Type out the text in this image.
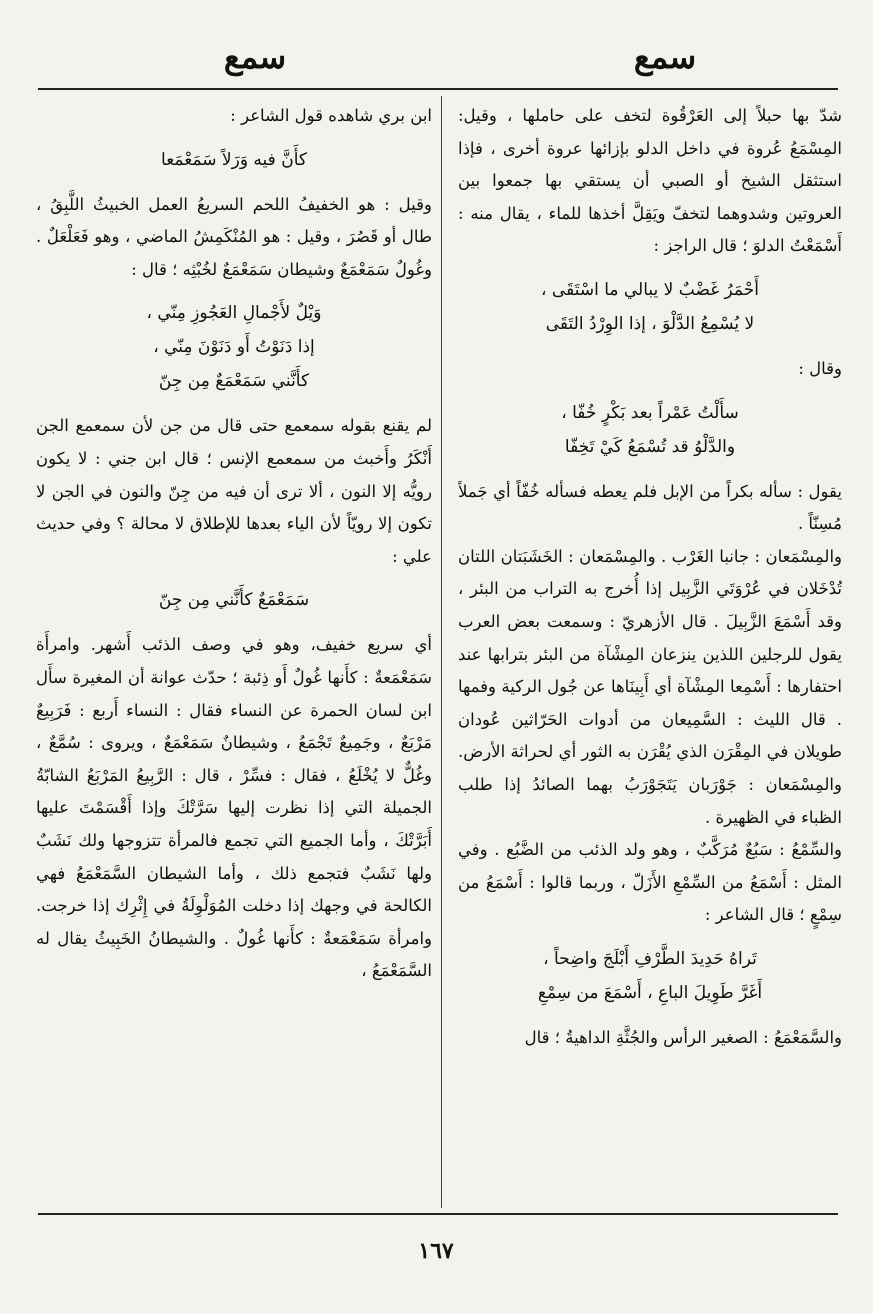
سمع
سمع

شدّ بها حبلاً إلى العَرْقُوة لتخف على حاملها ، وقيل: المِسْمَعُ عُروة في داخل الدلو بإزائها عروة أخرى ، فإذا استثقل الشيخ أو الصبي أن يستقي بها جمعوا بين العروتين وشدوهما لتخفّ ويَقِلَّ أخذها للماء ، يقال منه : أَسْمَعْتُ الدلوَ ؛ قال الراجز :

أَحْمَرُ غَضْبٌ لا يبالي ما اسْتَقَى ،
لا يُسْمِعُ الدَّلْوَ ، إذا الوِرْدُ التَقَى

وقال :

سأَلْتُ عَمْراً بعد بَكْرٍ خُفّا ،
والدَّلْوُ قد تُسْمَعُ كَيْ تَخِفّا

يقول : سأله بكراً من الإبل فلم يعطه فسأله خُفّاً أي جَملاً مُسِنّاً .

والمِسْمَعان : جانبا الغَرْب . والمِسْمَعان : الخَشَبَتان اللتان تُدْخَلان في عُرْوَتَي الزَّبِيل إذا أُخرج به التراب من البئر ، وقد أَسْمَعَ الزَّبِيلَ . قال الأزهريّ : وسمعت بعض العرب يقول للرجلين اللذين ينزعان المِشْآة من البئر بترابها عند احتفارها : أَسْمِعا المِشْآة أي أَبِينَاها عن جُول الركية وفمها . قال الليث : السَّمِيعان من أدوات الحَرّاثين عُودان طويلان في المِقْرَن الذي يُقْرَن به الثور أي لحراثة الأرض. والمِسْمَعان : جَوْرَبان يَتَجَوْرَبُ بهما الصائدُ إذا طلب الظباء في الظهيرة .

والسِّمْعُ : سَبُعٌ مُرَكَّبٌ ، وهو ولد الذئب من الضَّبُع . وفي المثل : أَسْمَعُ من السِّمْعِ الأَزَلّ ، وربما قالوا : أَسْمَعُ من سِمْعٍ ؛ قال الشاعر :

تَراهُ حَدِيدَ الطَّرْفِ أَبْلَجَ واضِحاً ،
أَغَرَّ طَوِيلَ الباعِ ، أَسْمَعَ من سِمْعِ

والسَّمَعْمَعُ : الصغير الرأس والجُثَّةِ الداهيةُ ؛ قال

ابن بري شاهده قول الشاعر :

كأَنَّ فيه وَرَلاً سَمَعْمَعا

وقيل : هو الخفيفُ اللحم السريعُ العمل الخبيثُ اللَّبِقُ ، طال أو قَصُرَ ، وقيل : هو المُنْكَمِشُ الماضي ، وهو فَعَلْعَلٌ . وغُولٌ سَمَعْمَعٌ وشيطان سَمَعْمَعٌ لخُبْثِه ؛ قال :

وَيْلٌ لأَجْمالِ العَجُوزِ مِنّي ،
إذا دَنَوْتُ أَو دَنَوْنَ مِنّي ،
كأَنَّني سَمَعْمَعٌ مِن جِنّ

لم يقنع بقوله سمعمع حتى قال من جن لأن سمعمع الجن أَنْكَرُ وأَخبث من سمعمع الإنس ؛ قال ابن جني : لا يكون رويُّه إلا النون ، ألا ترى أن فيه من جِنّ والنون في الجن لا تكون إلا رويّاً لأن الياء بعدها للإطلاق لا محالة ؟ وفي حديث علي :

سَمَعْمَعٌ كأَنَّني مِن جِنّ

أي سريع خفيف، وهو في وصف الذئب أَشهر. وامرأَة سَمَعْمَعةٌ : كأَنها غُولٌ أَو ذِئبة ؛ حدّث عوانة أن المغيرة سأَل ابن لسان الحمرة عن النساء فقال : النساء أَربع : فَرَبِيعٌ مَرْبَعٌ ، وجَمِيعٌ تَجْمَعُ ، وشيطانٌ سَمَعْمَعٌ ، ويروى : سُمَّعٌ ، وغُلٌّ لا يُخْلَعُ ، فقال : فسِّرْ ، قال : الرَّبِيعُ المَرْبَعُ الشابّةُ الجميلة التي إذا نظرت إليها سَرَّتْكَ وإذا أَقْسَمْتَ عليها أَبَرَّتْكَ ، وأما الجميع التي تجمع فالمرأة تتزوجها ولك نَشَبٌ ولها نَشَبٌ فتجمع ذلك ، وأما الشيطان السَّمَعْمَعُ فهي الكالحة في وجهك إذا دخلت المُوَلْوِلَةُ في إِثْرِك إذا خرجت. وامرأة سَمَعْمَعةٌ : كأَنها غُولٌ . والشيطانُ الخَبِيثُ يقال له السَّمَعْمَعُ ،

١٦٧
